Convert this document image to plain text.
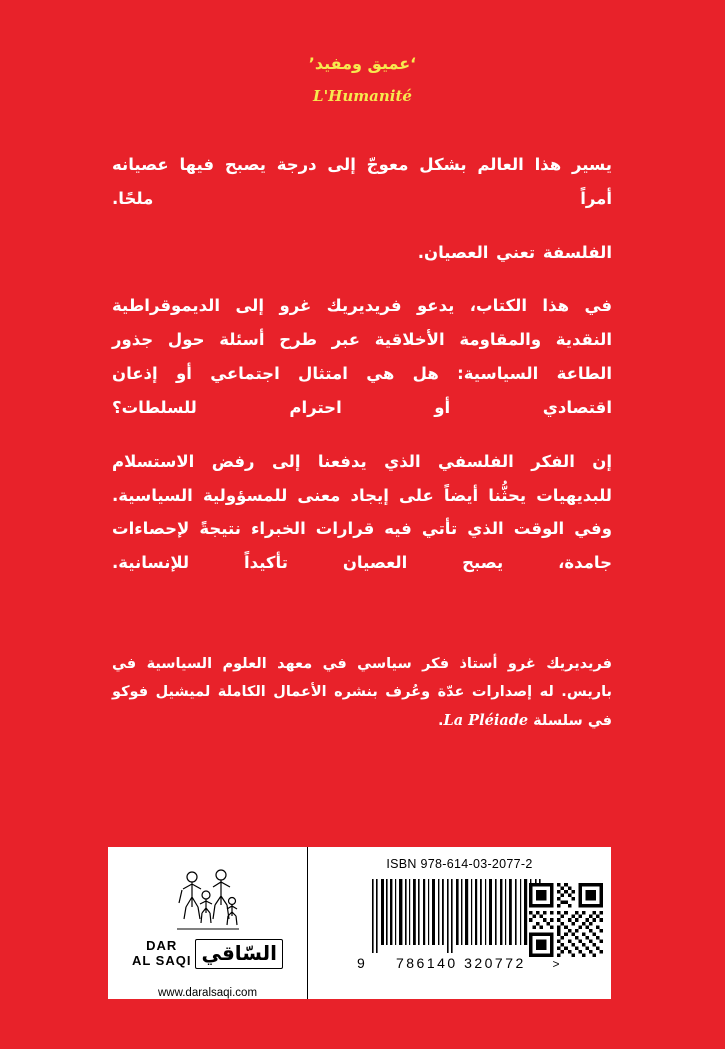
‘عميق ومفيد’
L'Humanité

يسير هذا العالم بشكل معوجّ إلى درجة يصبح فيها عصيانه أمراً ملحًا.

الفلسفة تعني العصيان.

في هذا الكتاب، يدعو فريديريك غرو إلى الديموقراطية النقدية والمقاومة الأخلاقية عبر طرح أسئلة حول جذور الطاعة السياسية: هل هي امتثال اجتماعي أو إذعان اقتصادي أو احترام للسلطات؟

إن الفكر الفلسفي الذي يدفعنا إلى رفض الاستسلام للبديهيات يحثُّنا أيضاً على إيجاد معنى للمسؤولية السياسية. وفي الوقت الذي تأتي فيه قرارات الخبراء نتيجةً لإحصاءات جامدة، يصبح العصيان تأكيداً للإنسانية.

فريديريك غرو أستاذ فكر سياسي في معهد العلوم السياسية في باريس. له إصدارات عدّة وعُرف بنشره الأعمال الكاملة لميشيل فوكو في سلسلة La Pléiade.
DAR
AL SAQI السّاقي
www.daralsaqi.com
ISBN 978-614-03-2077-2
9 786140 320772 >
